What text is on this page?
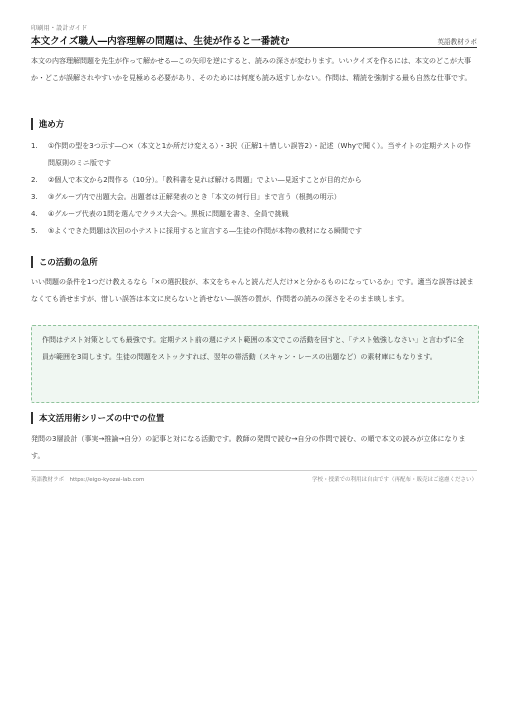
印刷用・設計ガイド
本文クイズ職人―内容理解の問題は、生徒が作ると一番読む	英語教材ラボ
本文の内容理解問題を先生が作って解かせる―この矢印を逆にすると、読みの深さが変わります。いいクイズを作るには、本文のどこが大事か・どこが誤解されやすいかを見極める必要があり、そのためには何度も読み返すしかない。作問は、精読を強制する最も自然な仕事です。
進め方
1. ①作問の型を3つ示す―○×（本文と1か所だけ変える）・3択（正解1＋惜しい誤答2）・記述（Whyで聞く）。当サイトの定期テストの作問原則のミニ版です
2. ②個人で本文から2問作る（10分）。「教科書を見れば解ける問題」でよい―見返すことが目的だから
3. ③グループ内で出題大会。出題者は正解発表のとき「本文の何行目」まで言う（根拠の明示）
4. ④グループ代表の1問を選んでクラス大会へ。黒板に問題を書き、全員で挑戦
5. ⑤よくできた問題は次回の小テストに採用すると宣言する―生徒の作問が本物の教材になる瞬間です
この活動の急所
いい問題の条件を1つだけ教えるなら「×の選択肢が、本文をちゃんと読んだ人だけ×と分かるものになっているか」です。適当な誤答は読まなくても消せますが、惜しい誤答は本文に戻らないと消せない―誤答の質が、作問者の読みの深さをそのまま映します。
作問はテスト対策としても最強です。定期テスト前の週にテスト範囲の本文でこの活動を回すと、「テスト勉強しなさい」と言わずに全員が範囲を3周します。生徒の問題をストックすれば、翌年の帯活動（スキャン・レースの出題など）の素材庫にもなります。
本文活用術シリーズの中での位置
発問の3層設計（事実→推論→自分）の記事と対になる活動です。教師の発問で読む→自分の作問で読む、の順で本文の読みが立体になります。
英語教材ラボ　https://eigo-kyozai-lab.com	学校・授業での利用は自由です（再配布・販売はご遠慮ください）
